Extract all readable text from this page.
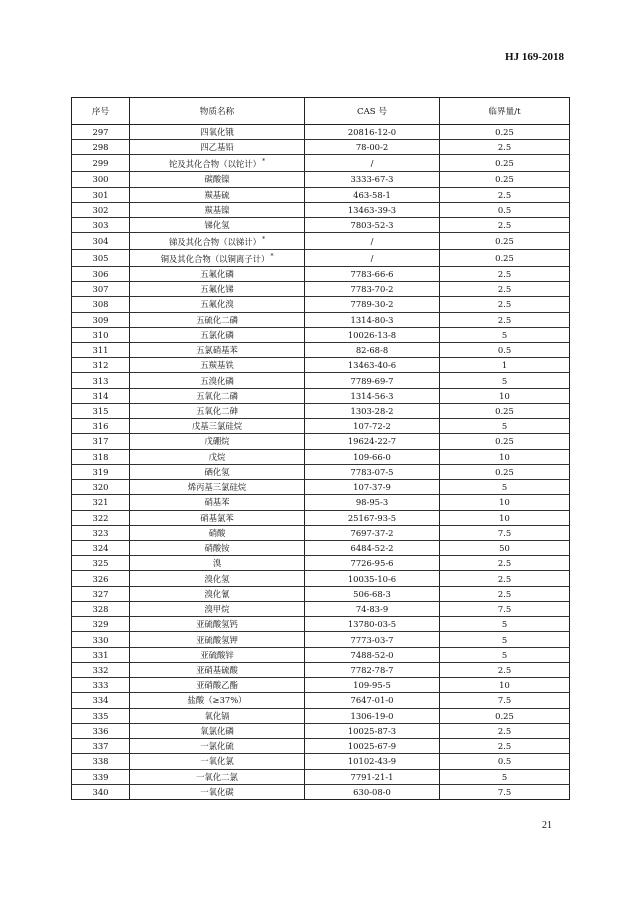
HJ 169-2018
序号	物质名称	CAS 号	临界量/t
297	四氧化锇	20816-12-0	0.25
298	四乙基铅	78-00-2	2.5
299	铊及其化合物（以铊计）*	/	0.25
300	碳酸镍	3333-67-3	0.25
301	羰基硫	463-58-1	2.5
302	羰基镍	13463-39-3	0.5
303	锑化氢	7803-52-3	2.5
304	锑及其化合物（以锑计）*	/	0.25
305	铜及其化合物（以铜离子计）*	/	0.25
306	五氟化磷	7783-66-6	2.5
307	五氟化锑	7783-70-2	2.5
308	五氟化溴	7789-30-2	2.5
309	五硫化二磷	1314-80-3	2.5
310	五氯化磷	10026-13-8	5
311	五氯硝基苯	82-68-8	0.5
312	五羰基铁	13463-40-6	1
313	五溴化磷	7789-69-7	5
314	五氧化二磷	1314-56-3	10
315	五氧化二砷	1303-28-2	0.25
316	戊基三氯硅烷	107-72-2	5
317	戊硼烷	19624-22-7	0.25
318	戊烷	109-66-0	10
319	硒化氢	7783-07-5	0.25
320	烯丙基三氯硅烷	107-37-9	5
321	硝基苯	98-95-3	10
322	硝基氯苯	25167-93-5	10
323	硝酸	7697-37-2	7.5
324	硝酸铵	6484-52-2	50
325	溴	7726-95-6	2.5
326	溴化氢	10035-10-6	2.5
327	溴化氰	506-68-3	2.5
328	溴甲烷	74-83-9	7.5
329	亚硫酸氢钙	13780-03-5	5
330	亚硫酸氢钾	7773-03-7	5
331	亚硫酸锌	7488-52-0	5
332	亚硝基硫酸	7782-78-7	2.5
333	亚硝酸乙酯	109-95-5	10
334	盐酸（≥37%）	7647-01-0	7.5
335	氧化镉	1306-19-0	0.25
336	氧氯化磷	10025-87-3	2.5
337	一氯化硫	10025-67-9	2.5
338	一氧化氯	10102-43-9	0.5
339	一氧化二氯	7791-21-1	5
340	一氧化碳	630-08-0	7.5
21
